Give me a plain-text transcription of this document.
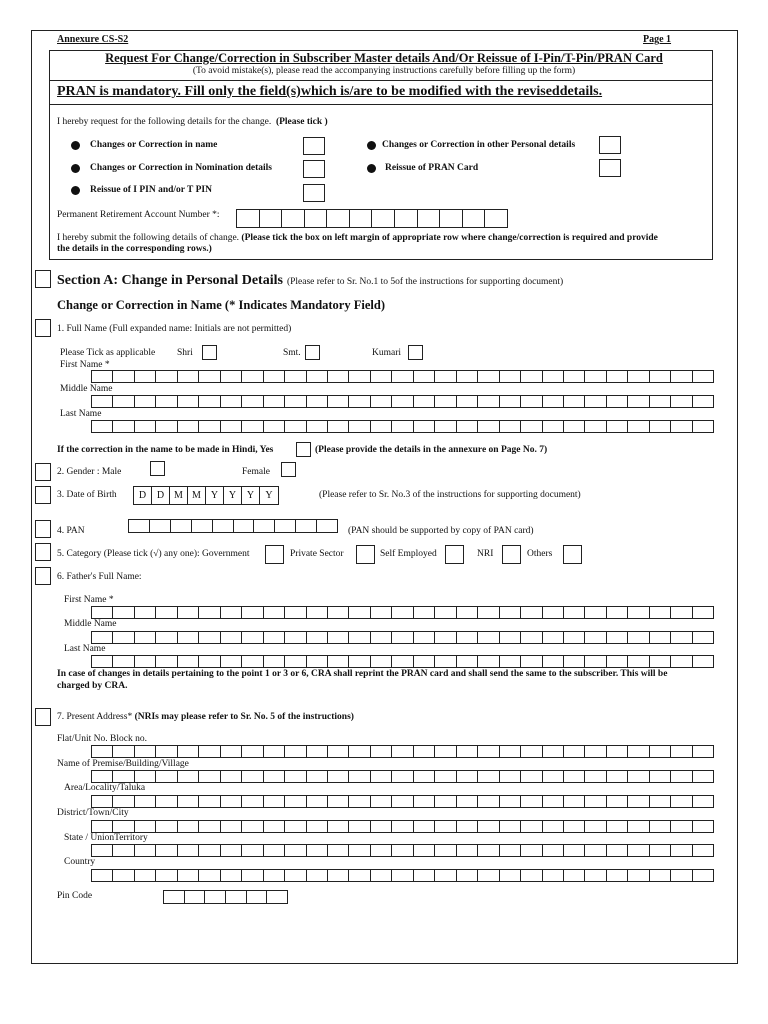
Annexure CS-S2	Page 1
Request For Change/Correction in Subscriber Master details And/Or Reissue of I-Pin/T-Pin/PRAN Card
(To avoid mistake(s), please read the accompanying instructions carefully before filling up the form)
PRAN is mandatory. Fill only the field(s)which is/are to be modified with the reviseddetails.
I hereby request for the following details for the change. (Please tick )
Changes or Correction in name	Changes or Correction in other Personal details
Changes or Correction in Nomination details	Reissue of PRAN Card
Reissue of I PIN and/or T PIN
Permanent Retirement Account Number *:
I hereby submit the following details of change. (Please tick the box on left margin of appropriate row where change/correction is required and provide
the details in the corresponding rows.)
Section A: Change in Personal Details (Please refer to Sr. No.1 to 5of the instructions for supporting document)
Change or Correction in Name (* Indicates Mandatory Field)
1. Full Name (Full expanded name: Initials are not permitted)
Please Tick as applicable Shri	Smt.	Kumari
First Name *
Middle Name
Last Name
If the correction in the name to be made in Hindi, Yes	(Please provide the details in the annexure on Page No. 7)
2. Gender : Male	Female
3. Date of Birth	D	D M M Y	Y	Y	Y	(Please refer to Sr. No.3 of the instructions for supporting document)
4. PAN	(PAN should be supported by copy of PAN card)
5. Category (Please tick (√) any one): Government	Private Sector	Self Employed	NRI	Others
6. Father's Full Name:
First Name *
Middle Name
Last Name
In case of changes in details pertaining to the point 1 or 3 or 6, CRA shall reprint the PRAN card and shall send the same to the subscriber. This will be
charged by CRA.
7. Present Address* (NRIs may please refer to Sr. No. 5 of the instructions)
Flat/Unit No. Block no.
Name of Premise/Building/Village
Area/Locality/Taluka
District/Town/City
State / UnionTerritory
Country
Pin Code
